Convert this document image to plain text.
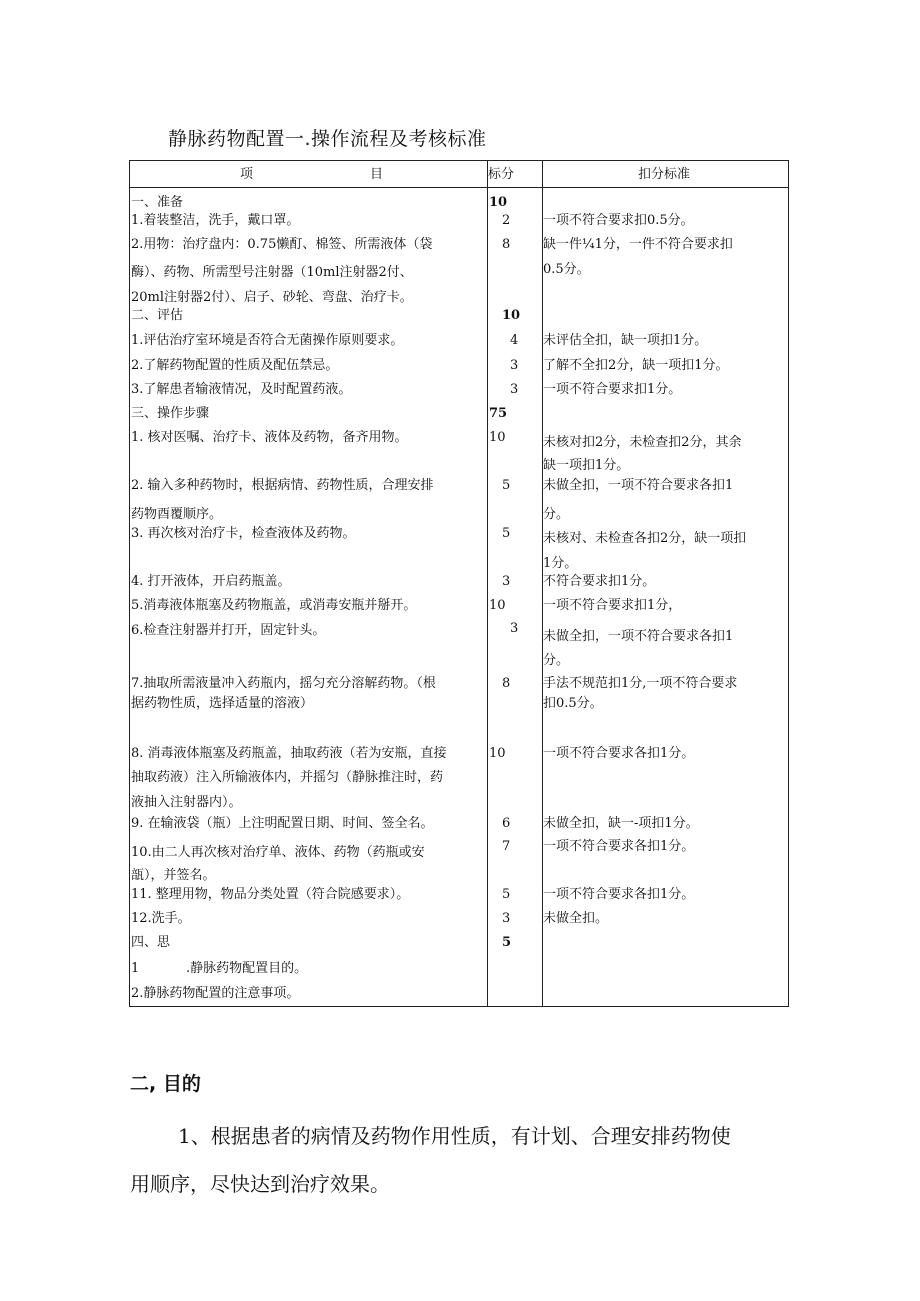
静脉药物配置一.操作流程及考核标准
项	目	标分	扣分标准
一、准备	10
1.着装整洁，洗手，戴口罩。	2	一项不符合要求扣0.5分。
2.用物：治疗盘内：0.75懒酊、棉签、所需液体（袋
酶）、药物、所需型号注射器（10ml注射器2付、
20ml注射器2付）、启子、砂轮、弯盘、治疗卡。
8	缺一件¼1分，一件不符合要求扣
0.5分。
二、评估	10
1.评估治疗室环境是否符合无菌操作原则要求。	4 未评估全扣，缺一项扣1分。
2.了解药物配置的性质及配伍禁忌。	3 了解不全扣2分，缺一项扣1分。
3.了解患者输液情况，及时配置药液。	3 一项不符合要求扣1分。
三、操作步骤	75
1. 核对医嘱、治疗卡、液体及药物，备齐用物。	10	未核对扣2分，未检查扣2分，其余
缺一项扣1分。
2. 输入多种药物时，根据病情、药物性质，合理安排
药物酉覆顺序。
5	未做全扣，一项不符合要求各扣1
分。
3. 再次核对治疗卡，检查液体及药物。	5	未核对、未检查各扣2分，缺一项扣
1分。
4. 打开液体，开启药瓶盖。	3	不符合要求扣1分。
5.消毒液体瓶塞及药物瓶盖，或消毒安瓶并掰开。	10	一项不符合要求扣1分，
6.检查注射器并打开，固定针头。	3
未做全扣，一项不符合要求各扣1
分。
7.抽取所需液量冲入药瓶内，摇匀充分溶解药物。（根
据药物性质，选择适量的溶液）
8	手法不规范扣1分,一项不符合要求
扣0.5分。
8. 消毒液体瓶塞及药瓶盖，抽取药液（若为安瓶，直接
抽取药液）注入所输液体内，并摇匀（静脉推注时，药
液抽入注射器内）。
10	一项不符合要求各扣1分。
9. 在输液袋（瓶）上注明配置日期、时间、签全名。	6	未做全扣，缺一-项扣1分。
10.由二人再次核对治疗单、液体、药物（药瓶或安
瓿），并签名。
7	一项不符合要求各扣1分。
11. 整理用物，物品分类处置（符合院感要求）。	5	一项不符合要求各扣1分。
12.洗手。	3	未做全扣。
四、思	5
1	.静脉药物配置目的。
2.静脉药物配置的注意事项。
二, 目的
1、根据患者的病情及药物作用性质，有计划、合理安排药物使
用顺序，尽快达到治疗效果。
